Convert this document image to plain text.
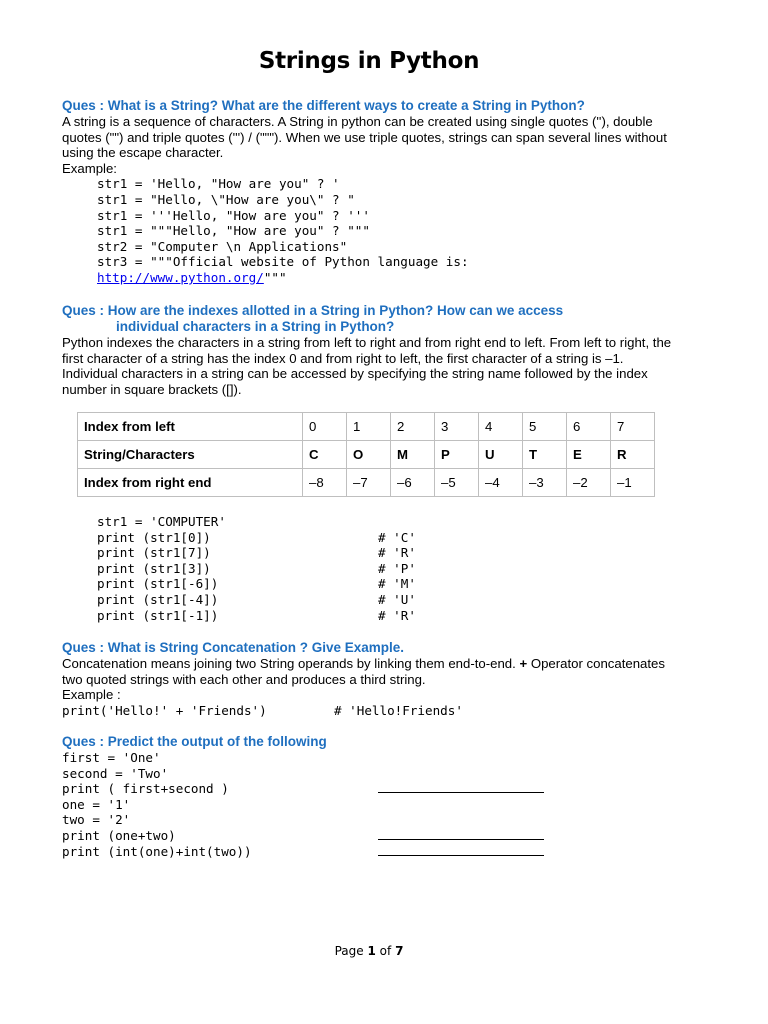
Strings in Python
Ques : What is a String? What are the different ways to create a String in Python?
A string is a sequence of characters. A String in python can be created using single quotes (''), double quotes ("") and triple quotes (''') / ("""). When we use triple quotes, strings can span several lines without using the escape character.
Example:
str1 = 'Hello, "How are you" ? '
str1 = "Hello, \"How are you\" ? "
str1 = '''Hello, "How are you" ? '''
str1 = """Hello, "How are you" ? """
str2 = "Computer \n Applications"
str3 = """Official website of Python language is:
http://www.python.org/"""
Ques : How are the indexes allotted in a String in Python? How can we access
individual characters in a String in Python?
Python indexes the characters in a string from left to right and from right end to left. From left to right, the first character of a string has the index 0 and from right to left, the first character of a string is –1. Individual characters in a string can be accessed by specifying the string name followed by the index number in square brackets ([]).
Index from left	0	1	2	3	4	5	6	7
String/Characters	C	O	M	P	U	T	E	R
Index from right end	–8	–7	–6	–5	–4	–3	–2	–1
str1 = 'COMPUTER'
print (str1[0])	# 'C'
print (str1[7])	# 'R'
print (str1[3])	# 'P'
print (str1[-6])	# 'M'
print (str1[-4])	# 'U'
print (str1[-1])	# 'R'
Ques : What is String Concatenation ? Give Example.
Concatenation means joining two String operands by linking them end-to-end. + Operator concatenates two quoted strings with each other and produces a third string.
Example :
print('Hello!' + 'Friends')	# 'Hello!Friends'
Ques : Predict the output of the following
first = 'One'
second = 'Two'
print ( first+second )
one = '1'
two = '2'
print (one+two)
print (int(one)+int(two))
Page 1 of 7
